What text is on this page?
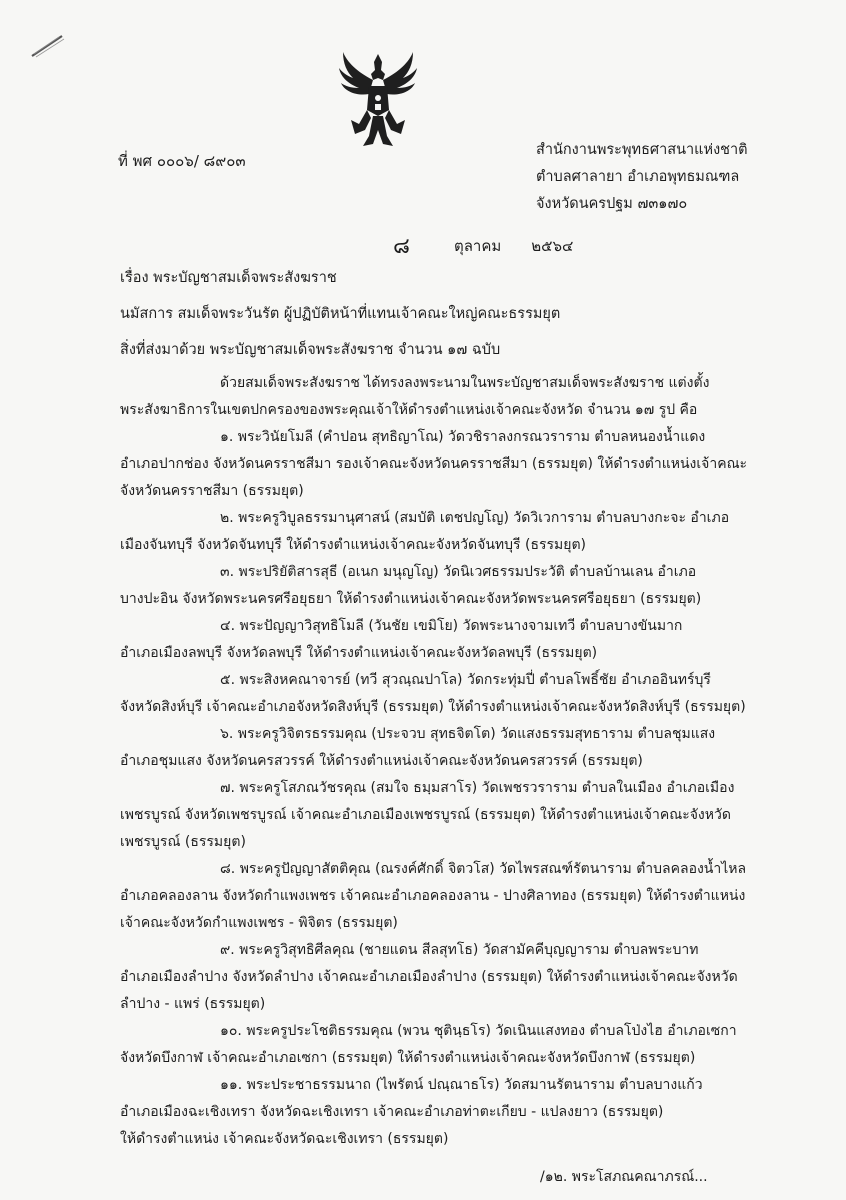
ที่ พศ ๐๐๐๖/ ๘๙๐๓
สำนักงานพระพุทธศาสนาแห่งชาติ
ตำบลศาลายา อำเภอพุทธมณฑล
จังหวัดนครปฐม ๗๓๑๗๐
๘	ตุลาคม ๒๕๖๔
เรื่อง พระบัญชาสมเด็จพระสังฆราช
นมัสการ สมเด็จพระวันรัต ผู้ปฏิบัติหน้าที่แทนเจ้าคณะใหญ่คณะธรรมยุต
สิ่งที่ส่งมาด้วย พระบัญชาสมเด็จพระสังฆราช จำนวน ๑๗ ฉบับ
ด้วยสมเด็จพระสังฆราช ได้ทรงลงพระนามในพระบัญชาสมเด็จพระสังฆราช แต่งตั้ง
พระสังฆาธิการในเขตปกครองของพระคุณเจ้าให้ดำรงตำแหน่งเจ้าคณะจังหวัด จำนวน ๑๗ รูป คือ
๑. พระวินัยโมลี (คำปอน สุทธิญาโณ) วัดวชิราลงกรณวราราม ตำบลหนองน้ำแดง
อำเภอปากช่อง จังหวัดนครราชสีมา รองเจ้าคณะจังหวัดนครราชสีมา (ธรรมยุต) ให้ดำรงตำแหน่งเจ้าคณะ
จังหวัดนครราชสีมา (ธรรมยุต)
๒. พระครูวิบูลธรรมานุศาสน์ (สมบัติ เตชปญโญ) วัดวิเวการาม ตำบลบางกะจะ อำเภอ
เมืองจันทบุรี จังหวัดจันทบุรี ให้ดำรงตำแหน่งเจ้าคณะจังหวัดจันทบุรี (ธรรมยุต)
๓. พระปริยัติสารสุธี (อเนก มนุญโญ) วัดนิเวศธรรมประวัติ ตำบลบ้านเลน อำเภอ
บางปะอิน จังหวัดพระนครศรีอยุธยา ให้ดำรงตำแหน่งเจ้าคณะจังหวัดพระนครศรีอยุธยา (ธรรมยุต)
๔. พระปัญญาวิสุทธิโมลี (วันชัย เขมิโย) วัดพระนางจามเทวี ตำบลบางขันมาก
อำเภอเมืองลพบุรี จังหวัดลพบุรี ให้ดำรงตำแหน่งเจ้าคณะจังหวัดลพบุรี (ธรรมยุต)
๕. พระสิงหคณาจารย์ (ทวี สุวณฺณปาโล) วัดกระทุ่มปี่ ตำบลโพธิ์ชัย อำเภออินทร์บุรี
จังหวัดสิงห์บุรี เจ้าคณะอำเภอจังหวัดสิงห์บุรี (ธรรมยุต) ให้ดำรงตำแหน่งเจ้าคณะจังหวัดสิงห์บุรี (ธรรมยุต)
๖. พระครูวิจิตรธรรมคุณ (ประจวบ สุทธจิตโต) วัดแสงธรรมสุทธาราม ตำบลชุมแสง
อำเภอชุมแสง จังหวัดนครสวรรค์ ให้ดำรงตำแหน่งเจ้าคณะจังหวัดนครสวรรค์ (ธรรมยุต)
๗. พระครูโสภณวัชรคุณ (สมใจ ธมฺมสาโร) วัดเพชรวราราม ตำบลในเมือง อำเภอเมือง
เพชรบูรณ์ จังหวัดเพชรบูรณ์ เจ้าคณะอำเภอเมืองเพชรบูรณ์ (ธรรมยุต) ให้ดำรงตำแหน่งเจ้าคณะจังหวัด
เพชรบูรณ์ (ธรรมยุต)
๘. พระครูปัญญาสัตติคุณ (ณรงค์ศักดิ์ จิตวโส) วัดไพรสณฑ์รัตนาราม ตำบลคลองน้ำไหล
อำเภอคลองลาน จังหวัดกำแพงเพชร เจ้าคณะอำเภอคลองลาน - ปางศิลาทอง (ธรรมยุต) ให้ดำรงตำแหน่ง
เจ้าคณะจังหวัดกำแพงเพชร - พิจิตร (ธรรมยุต)
๙. พระครูวิสุทธิศีลคุณ (ชายแดน สีลสุทโธ) วัดสามัคคีบุญญาราม ตำบลพระบาท
อำเภอเมืองลำปาง จังหวัดลำปาง เจ้าคณะอำเภอเมืองลำปาง (ธรรมยุต) ให้ดำรงตำแหน่งเจ้าคณะจังหวัด
ลำปาง - แพร่ (ธรรมยุต)
๑๐. พระครูประโชติธรรมคุณ (พวน ชุตินฺธโร) วัดเนินแสงทอง ตำบลโป่งไฮ อำเภอเซกา
จังหวัดบึงกาฬ เจ้าคณะอำเภอเซกา (ธรรมยุต) ให้ดำรงตำแหน่งเจ้าคณะจังหวัดบึงกาฬ (ธรรมยุต)
๑๑. พระประชาธรรมนาถ (ไพรัตน์ ปณฺณาธโร) วัดสมานรัตนาราม ตำบลบางแก้ว
อำเภอเมืองฉะเชิงเทรา จังหวัดฉะเชิงเทรา เจ้าคณะอำเภอท่าตะเกียบ - แปลงยาว (ธรรมยุต)
ให้ดำรงตำแหน่ง เจ้าคณะจังหวัดฉะเชิงเทรา (ธรรมยุต)
/๑๒. พระโสภณคณาภรณ์...
